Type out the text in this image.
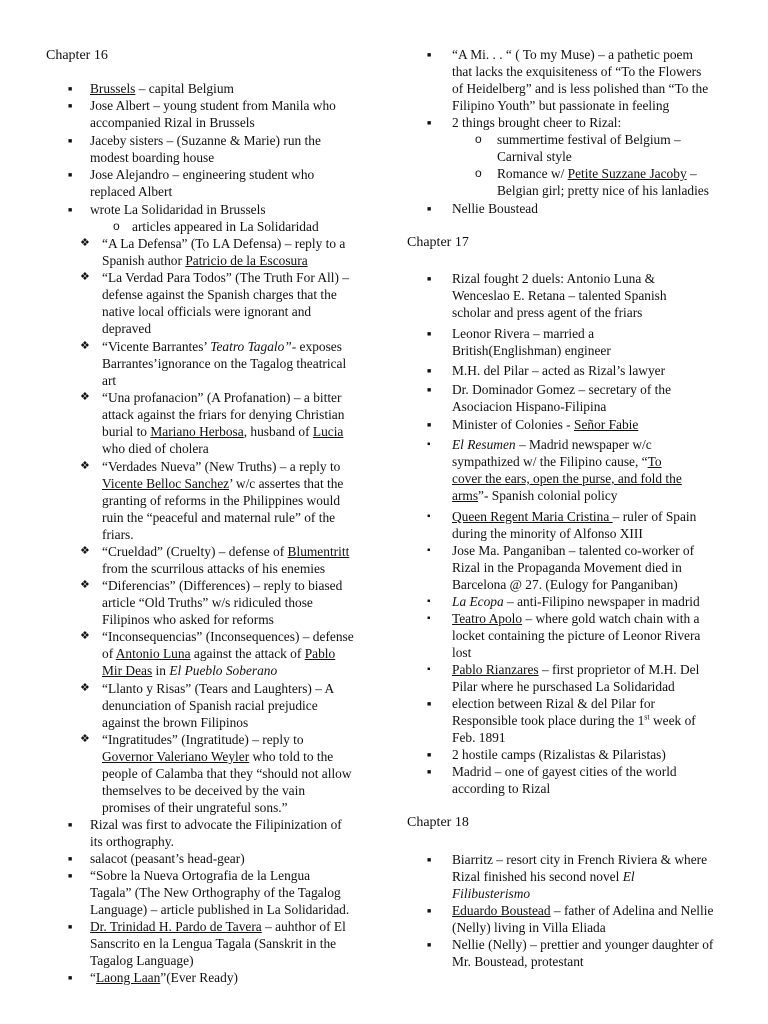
Chapter 16
■
Brussels – capital Belgium
■
Jose Albert – young student from Manila who
accompanied Rizal in Brussels
■
Jaceby sisters – (Suzanne & Marie) run the
modest boarding house
■
Jose Alejandro – engineering student who
replaced Albert
■
wrote La Solidaridad in Brussels
o
articles appeared in La Solidaridad
❖
“A La Defensa” (To LA Defensa) – reply to a
Spanish author Patricio de la Escosura
❖
“La Verdad Para Todos” (The Truth For All) –
defense against the Spanish charges that the
native local officials were ignorant and
depraved
❖
“Vicente Barrantes’ Teatro Tagalo”- exposes
Barrantes’ignorance on the Tagalog theatrical
art
❖
“Una profanacion” (A Profanation) – a bitter
attack against the friars for denying Christian
burial to Mariano Herbosa, husband of Lucia
who died of cholera
❖
“Verdades Nueva” (New Truths) – a reply to
Vicente Belloc Sanchez’ w/c assertes that the
granting of reforms in the Philippines would
ruin the “peaceful and maternal rule” of the
friars.
❖
“Crueldad” (Cruelty) – defense of Blumentritt
from the scurrilous attacks of his enemies
❖
“Diferencias” (Differences) – reply to biased
article “Old Truths” w/s ridiculed those
Filipinos who asked for reforms
❖
“Inconsequencias” (Inconsequences) – defense
of Antonio Luna against the attack of Pablo
Mir Deas in El Pueblo Soberano
❖
“Llanto y Risas” (Tears and Laughters) – A
denunciation of Spanish racial prejudice
against the brown Filipinos
❖
“Ingratitudes” (Ingratitude) – reply to
Governor Valeriano Weyler who told to the
people of Calamba that they “should not allow
themselves to be deceived by the vain
promises of their ungrateful sons.”
■
Rizal was first to advocate the Filipinization of
its orthography.
■
salacot (peasant’s head-gear)
■
“Sobre la Nueva Ortografia de la Lengua
Tagala” (The New Orthography of the Tagalog
Language) – article published in La Solidaridad.
■
Dr. Trinidad H. Pardo de Tavera – auhthor of El
Sanscrito en la Lengua Tagala (Sanskrit in the
Tagalog Language)
■
“Laong Laan”(Ever Ready)
■
“A Mi. . . “ ( To my Muse) – a pathetic poem
that lacks the exquisiteness of “To the Flowers
of Heidelberg” and is less polished than “To the
Filipino Youth” but passionate in feeling
■
2 things brought cheer to Rizal:
o
summertime festival of Belgium –
Carnival style
o
Romance w/ Petite Suzzane Jacoby –
Belgian girl; pretty nice of his lanladies
■
Nellie Boustead
Chapter 17
■
Rizal fought 2 duels: Antonio Luna &
Wenceslao E. Retana – talented Spanish
scholar and press agent of the friars
■
Leonor Rivera – married a
British(Englishman) engineer
■
M.H. del Pilar – acted as Rizal’s lawyer
■
Dr. Dominador Gomez – secretary of the
Asociacion Hispano-Filipina
■
Minister of Colonies - Señor Fabie
▪
El Resumen – Madrid newspaper w/c
sympathized w/ the Filipino cause, “To
cover the ears, open the purse, and fold the
arms”- Spanish colonial policy
▪
Queen Regent Maria Cristina – ruler of Spain
during the minority of Alfonso XIII
▪
Jose Ma. Panganiban – talented co-worker of
Rizal in the Propaganda Movement died in
Barcelona @ 27. (Eulogy for Panganiban)
▪
La Ecopa – anti-Filipino newspaper in madrid
▪
Teatro Apolo – where gold watch chain with a
locket containing the picture of Leonor Rivera
lost
▪
Pablo Rianzares – first proprietor of M.H. Del
Pilar where he purschased La Solidaridad
■
election between Rizal & del Pilar for
Responsible took place during the 1st week of
Feb. 1891
■
2 hostile camps (Rizalistas & Pilaristas)
■
Madrid – one of gayest cities of the world
according to Rizal
Chapter 18
■
Biarritz – resort city in French Riviera & where
Rizal finished his second novel El
Filibusterismo
■
Eduardo Boustead – father of Adelina and Nellie
(Nelly) living in Villa Eliada
■
Nellie (Nelly) – prettier and younger daughter of
Mr. Boustead, protestant
